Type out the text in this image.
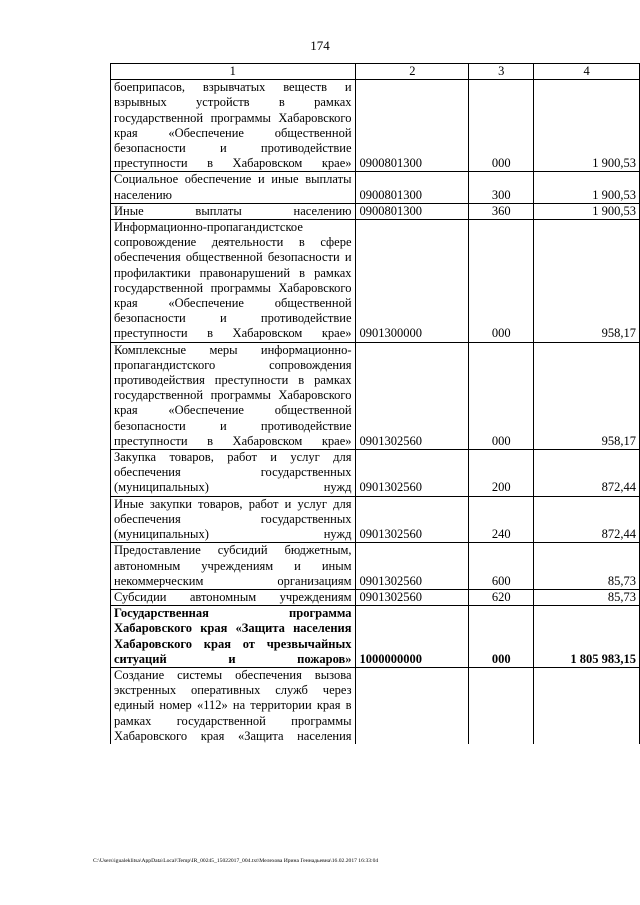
174
1	2	3	4
боеприпасов, взрывчатых веществ и взрывных устройств в рамках государственной программы Хабаровского края «Обеспечение общественной безопасности и противодействие преступности в Хабаровском крае»	0900801300	000	1 900,53
Социальное обеспечение и иные выплаты населению	0900801300	300	1 900,53
Иные выплаты населению	0900801300	360	1 900,53
Информационно-пропагандистское сопровождение деятельности в сфере обеспечения общественной безопасности и профилактики правонарушений в рамках государственной программы Хабаровского края «Обеспечение общественной безопасности и противодействие преступности в Хабаровском крае»	0901300000	000	958,17
Комплексные меры информационно-пропагандистского сопровождения противодействия преступности в рамках государственной программы Хабаровского края «Обеспечение общественной безопасности и противодействие преступности в Хабаровском крае»	0901302560	000	958,17
Закупка товаров, работ и услуг для обеспечения государственных (муниципальных) нужд	0901302560	200	872,44
Иные закупки товаров, работ и услуг для обеспечения государственных (муниципальных) нужд	0901302560	240	872,44
Предоставление субсидий бюджетным, автономным учреждениям и иным некоммерческим организациям	0901302560	600	85,73
Субсидии автономным учреждениям	0901302560	620	85,73
Государственная программа Хабаровского края «Защита населения Хабаровского края от чрезвычайных ситуаций и пожаров»	1000000000	000	1 805 983,15
Создание системы обеспечения вызова экстренных оперативных служб через единый номер «112» на территории края в рамках государственной программы Хабаровского края «Защита населения			
C:\Users\igualeklitsa\AppData\Local\Temp\IR_00245_15022017_004.txt\Мелехова Ирина Геннадьевна\16.02.2017 16:33:04
